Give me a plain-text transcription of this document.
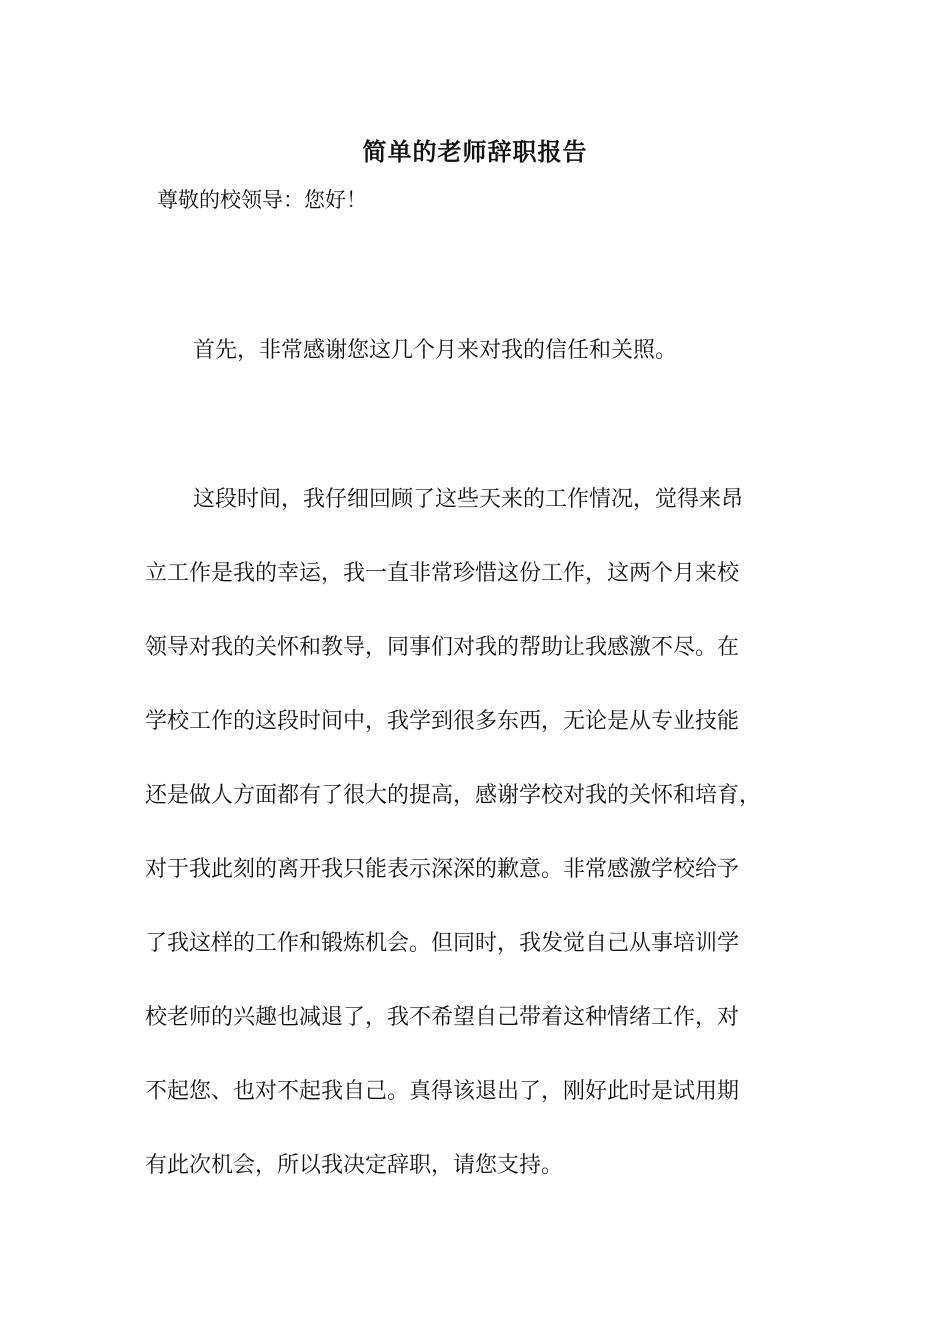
简单的老师辞职报告
尊敬的校领导：您好！
首先，非常感谢您这几个月来对我的信任和关照。
这段时间，我仔细回顾了这些天来的工作情况，觉得来昂
立工作是我的幸运，我一直非常珍惜这份工作，这两个月来校
领导对我的关怀和教导，同事们对我的帮助让我感激不尽。在
学校工作的这段时间中，我学到很多东西，无论是从专业技能
还是做人方面都有了很大的提高，感谢学校对我的关怀和培育，
对于我此刻的离开我只能表示深深的歉意。非常感激学校给予
了我这样的工作和锻炼机会。但同时，我发觉自己从事培训学
校老师的兴趣也减退了，我不希望自己带着这种情绪工作，对
不起您、也对不起我自己。真得该退出了，刚好此时是试用期
有此次机会，所以我决定辞职，请您支持。
